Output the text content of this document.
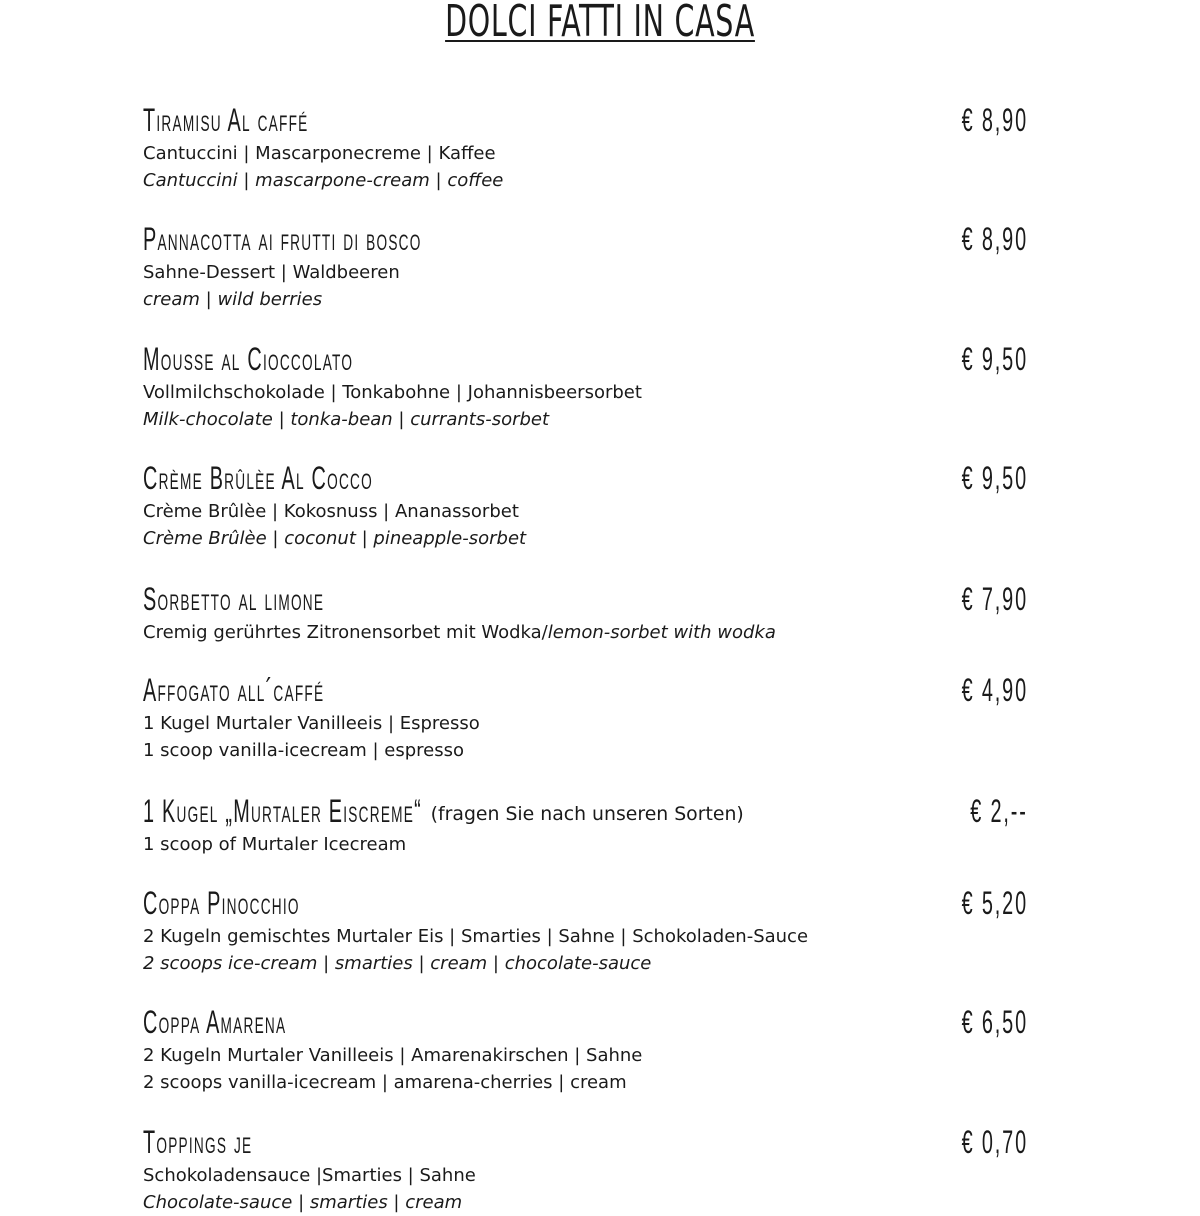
DOLCI FATTI IN CASA
Tiramisu Al caffé	€ 8,90
Cantuccini | Mascarponecreme | Kaffee
Cantuccini | mascarpone-cream | coffee
Pannacotta ai frutti di bosco	€ 8,90
Sahne-Dessert | Waldbeeren
cream | wild berries
Mousse al Cioccolato	€ 9,50
Vollmilchschokolade | Tonkabohne | Johannisbeersorbet
Milk-chocolate | tonka-bean | currants-sorbet
Crème Brûlèe Al Cocco	€ 9,50
Crème Brûlèe | Kokosnuss | Ananassorbet
Crème Brûlèe | coconut | pineapple-sorbet
Sorbetto al limone	€ 7,90
Cremig gerührtes Zitronensorbet mit Wodka/lemon-sorbet with wodka
Affogato all´caffé	€ 4,90
1 Kugel Murtaler Vanilleeis | Espresso
1 scoop vanilla-icecream | espresso
1 Kugel „Murtaler Eiscreme“ (fragen Sie nach unseren Sorten)	€ 2,--
1 scoop of Murtaler Icecream
Coppa Pinocchio	€ 5,20
2 Kugeln gemischtes Murtaler Eis | Smarties | Sahne | Schokoladen-Sauce
2 scoops ice-cream | smarties | cream | chocolate-sauce
Coppa Amarena	€ 6,50
2 Kugeln Murtaler Vanilleeis | Amarenakirschen | Sahne
2 scoops vanilla-icecream | amarena-cherries | cream
Toppings je	€ 0,70
Schokoladensauce |Smarties | Sahne
Chocolate-sauce | smarties | cream
